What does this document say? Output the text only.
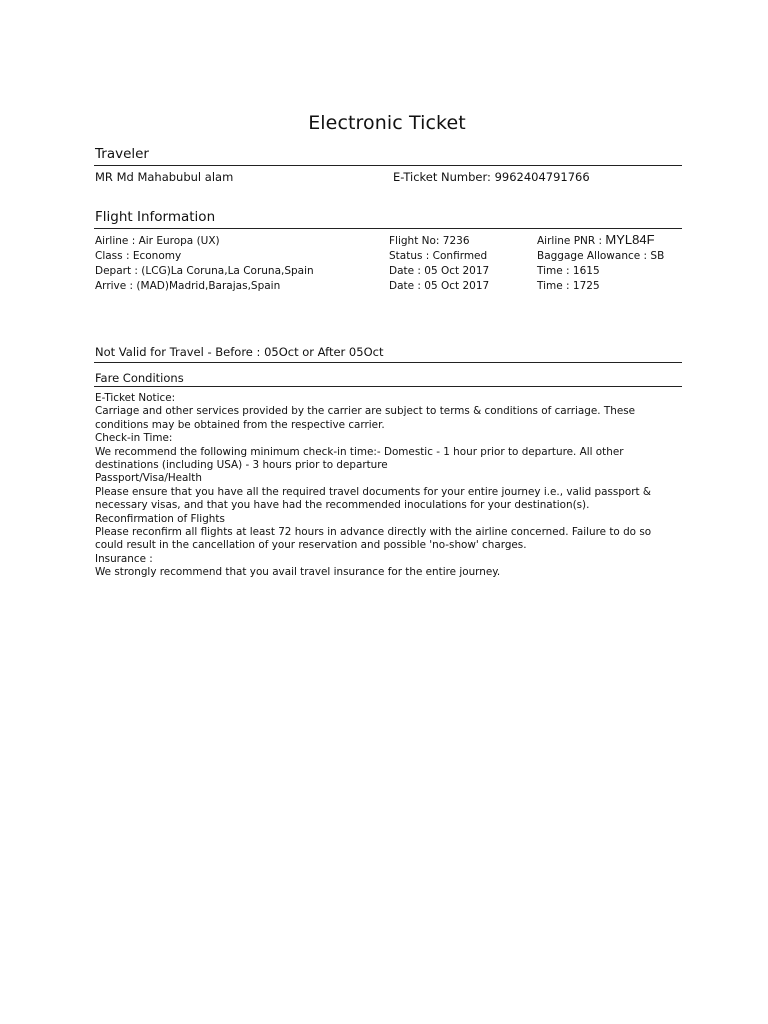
Electronic Ticket
Traveler
MR Md Mahabubul alam	E-Ticket Number: 9962404791766
Flight Information
Airline : Air Europa (UX)
Class : Economy
Depart : (LCG)La Coruna,La Coruna,Spain
Arrive : (MAD)Madrid,Barajas,Spain
Flight No: 7236
Status : Confirmed
Date : 05 Oct 2017
Date : 05 Oct 2017
Airline PNR : MYL84F
Baggage Allowance : SB
Time : 1615
Time : 1725
Not Valid for Travel - Before : 05Oct or After 05Oct
Fare Conditions

E-Ticket Notice:

Carriage and other services provided by the carrier are subject to terms & conditions of carriage. These conditions may be obtained from the respective carrier.

Check-in Time:

We recommend the following minimum check-in time:- Domestic - 1 hour prior to departure. All other destinations (including USA) - 3 hours prior to departure

Passport/Visa/Health

Please ensure that you have all the required travel documents for your entire journey i.e., valid passport & necessary visas, and that you have had the recommended inoculations for your destination(s).

Reconfirmation of Flights

Please reconfirm all flights at least 72 hours in advance directly with the airline concerned. Failure to do so could result in the cancellation of your reservation and possible 'no-show' charges.

Insurance :

We strongly recommend that you avail travel insurance for the entire journey.
